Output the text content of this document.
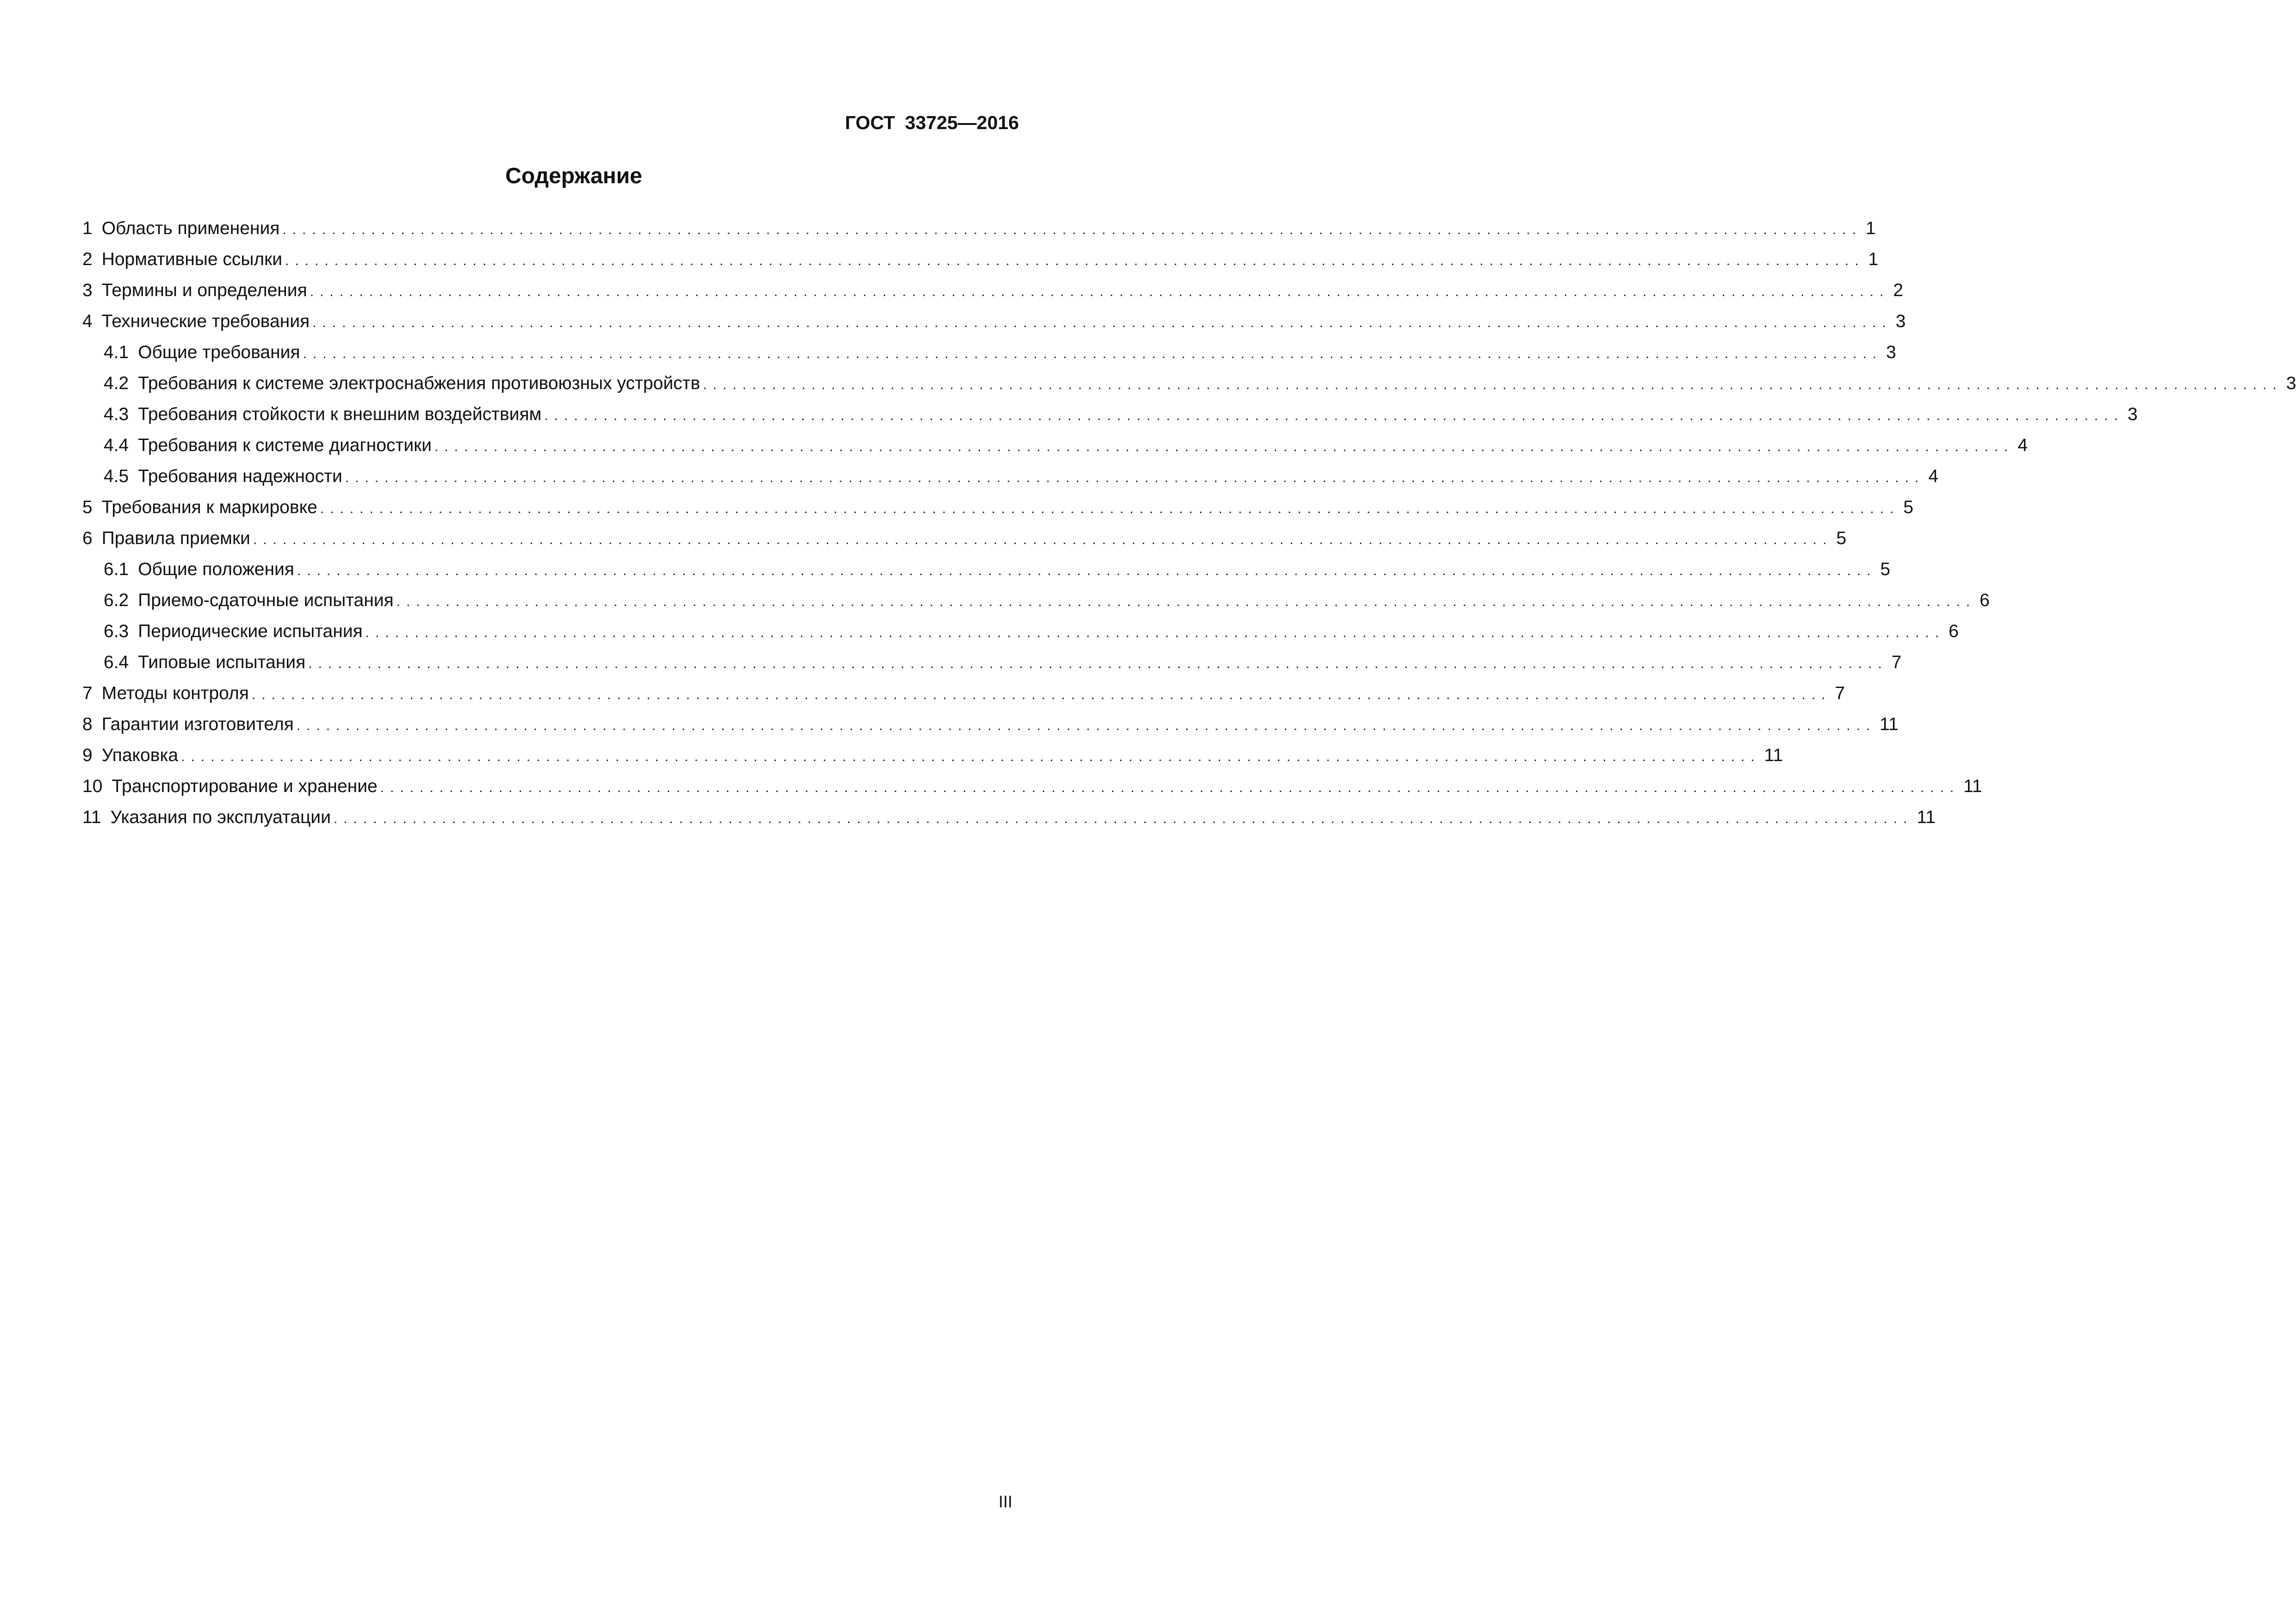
ГОСТ 33725—2016
Содержание
1 Область применения ................................................................................................................................................................ 1
2 Нормативные ссылки ................................................................................................................................................................ 1
3 Термины и определения ................................................................................................................................................................ 2
4 Технические требования ................................................................................................................................................................ 3
4.1 Общие требования ................................................................................................................................................................ 3
4.2 Требования к системе электроснабжения противоюзных устройств ................................................................................................................................................................ 3
4.3 Требования стойкости к внешним воздействиям ................................................................................................................................................................ 3
4.4 Требования к системе диагностики ................................................................................................................................................................ 4
4.5 Требования надежности ................................................................................................................................................................ 4
5 Требования к маркировке ................................................................................................................................................................ 5
6 Правила приемки ................................................................................................................................................................ 5
6.1 Общие положения ................................................................................................................................................................ 5
6.2 Приемо-сдаточные испытания ................................................................................................................................................................ 6
6.3 Периодические испытания ................................................................................................................................................................ 6
6.4 Типовые испытания ................................................................................................................................................................ 7
7 Методы контроля ................................................................................................................................................................ 7
8 Гарантии изготовителя ................................................................................................................................................................ 11
9 Упаковка ................................................................................................................................................................ 11
10 Транспортирование и хранение ................................................................................................................................................................ 11
11 Указания по эксплуатации ................................................................................................................................................................ 11
III
